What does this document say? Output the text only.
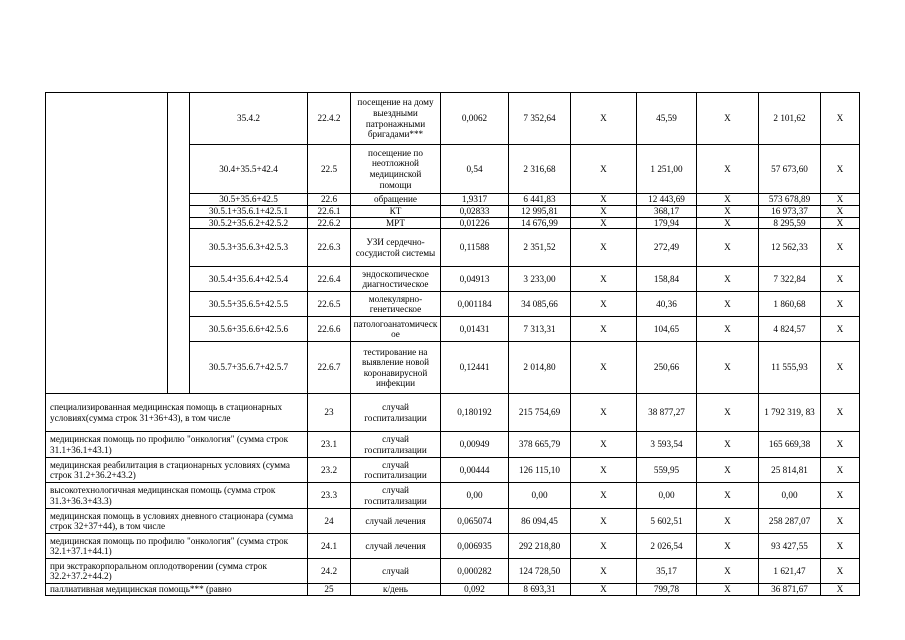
		35.4.2	22.4.2	посещение на дому выездными патронажными бригадами***	0,0062	7 352,64	Х	45,59	Х	2 101,62	Х
		30.4+35.5+42.4	22.5	посещение по неотложной медицинской помощи	0,54	2 316,68	Х	1 251,00	Х	57 673,60	Х
		30.5+35.6+42.5	22.6	обращение	1,9317	6 441,83	Х	12 443,69	Х	573 678,89	Х
		30.5.1+35.6.1+42.5.1	22.6.1	КТ	0,02833	12 995,81	Х	368,17	Х	16 973,37	Х
		30.5.2+35.6.2+42.5.2	22.6.2	МРТ	0,01226	14 676,99	Х	179,94	Х	8 295,59	Х
		30.5.3+35.6.3+42.5.3	22.6.3	УЗИ сердечно-сосудистой системы	0,11588	2 351,52	Х	272,49	Х	12 562,33	Х
		30.5.4+35.6.4+42.5.4	22.6.4	эндоскопическое диагностическое	0,04913	3 233,00	Х	158,84	Х	7 322,84	Х
		30.5.5+35.6.5+42.5.5	22.6.5	молекулярно-генетическое	0,001184	34 085,66	Х	40,36	Х	1 860,68	Х
		30.5.6+35.6.6+42.5.6	22.6.6	патологоанатомическое	0,01431	7 313,31	Х	104,65	Х	4 824,57	Х
		30.5.7+35.6.7+42.5.7	22.6.7	тестирование на выявление новой коронавирусной инфекции	0,12441	2 014,80	Х	250,66	Х	11 555,93	Х
специализированная медицинская помощь в стационарных условиях(сумма строк 31+36+43), в том числе			23	случай госпитализации	0,180192	215 754,69	Х	38 877,27	Х	1 792 319, 83	Х
медицинская помощь по профилю "онкология" (сумма строк 31.1+36.1+43.1)			23.1	случай госпитализации	0,00949	378 665,79	Х	3 593,54	Х	165 669,38	Х
медицинская реабилитация в стационарных условиях (сумма строк 31.2+36.2+43.2)			23.2	случай госпитализации	0,00444	126 115,10	Х	559,95	Х	25 814,81	Х
высокотехнологичная медицинская помощь (сумма строк 31.3+36.3+43.3)			23.3	случай госпитализации	0,00	0,00	Х	0,00	Х	0,00	Х
медицинская помощь в условиях дневного стационара (сумма строк 32+37+44), в том числе			24	случай лечения	0,065074	86 094,45	Х	5 602,51	Х	258 287,07	Х
медицинская помощь по профилю "онкология" (сумма строк 32.1+37.1+44.1)			24.1	случай лечения	0,006935	292 218,80	Х	2 026,54	Х	93 427,55	Х
при экстракорпоральном оплодотворении (сумма строк 32.2+37.2+44.2)			24.2	случай	0,000282	124 728,50	Х	35,17	Х	1 621,47	Х
паллиативная медицинская помощь*** (равно			25	к/день	0,092	8 693,31	Х	799,78	Х	36 871,67	Х
